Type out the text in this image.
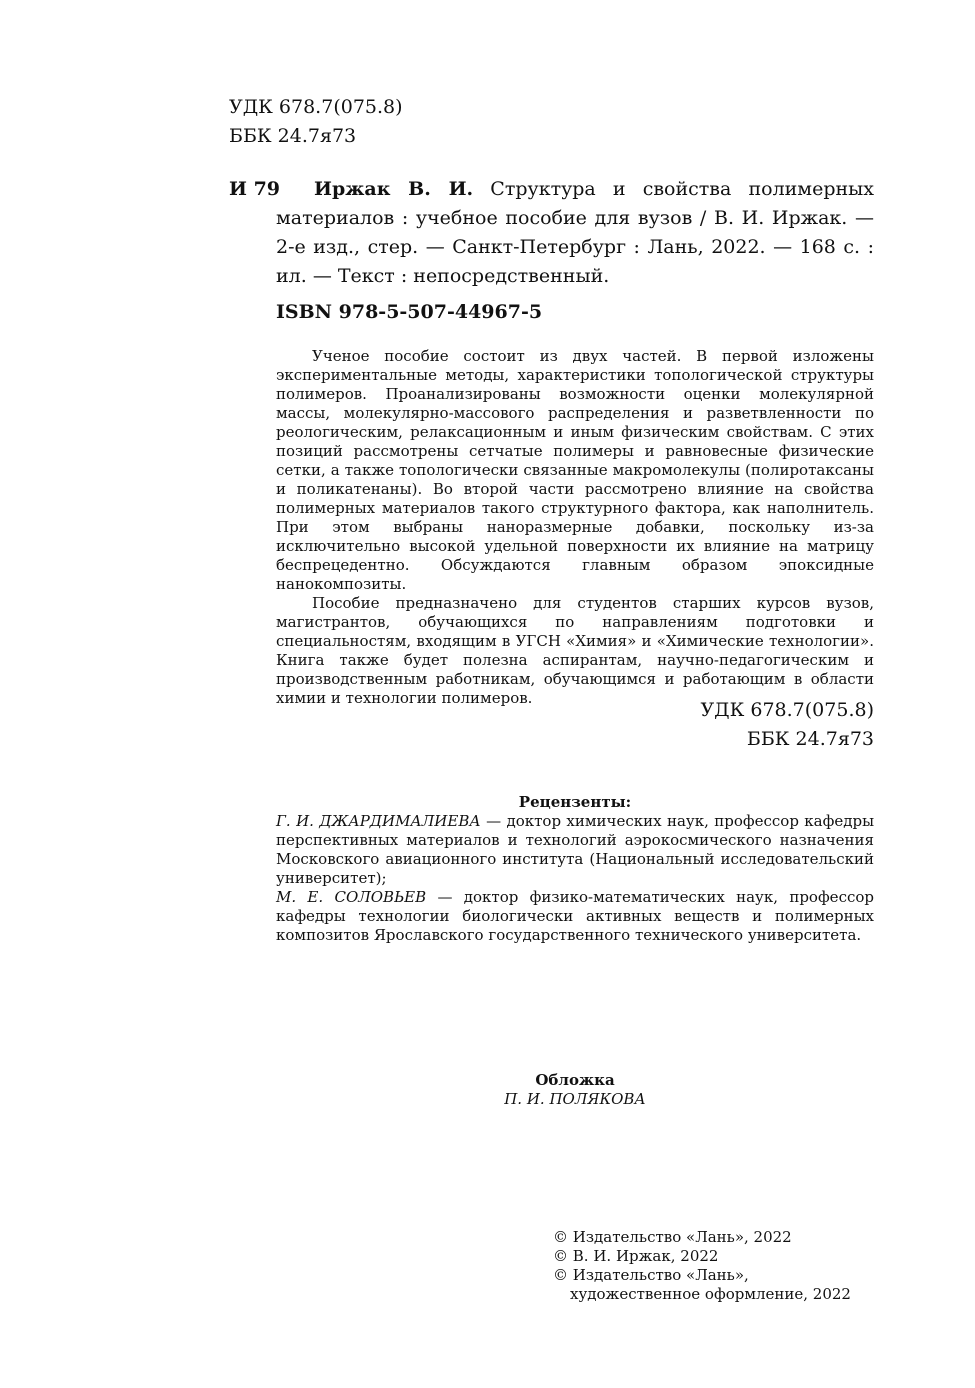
УДК 678.7(075.8)
ББК 24.7я73
И 79	Иржак В. И. Структура и свойства полимерных материалов : учебное пособие для вузов / В. И. Иржак. — 2-е изд., стер. — Санкт-Петербург : Лань, 2022. — 168 с. : ил. — Текст : непосредственный.
ISBN 978-5-507-44967-5

Ученое пособие состоит из двух частей. В первой изложены экспериментальные методы, характеристики топологической структуры полимеров. Проанализированы возможности оценки молекулярной массы, молекулярно-массового распределения и разветвленности по реологическим, релаксационным и иным физическим свойствам. С этих позиций рассмотрены сетчатые полимеры и равновесные физические сетки, а также топологически связанные макромолекулы (полиротаксаны и поликатенаны). Во второй части рассмотрено влияние на свойства полимерных материалов такого структурного фактора, как наполнитель. При этом выбраны наноразмерные добавки, поскольку из-за исключительно высокой удельной поверхности их влияние на матрицу беспрецедентно. Обсуждаются главным образом эпоксидные нанокомпозиты.

Пособие предназначено для студентов старших курсов вузов, магистрантов, обучающихся по направлениям подготовки и специальностям, входящим в УГСН «Химия» и «Химические технологии». Книга также будет полезна аспирантам, научно-педагогическим и производственным работникам, обучающимся и работающим в области химии и технологии полимеров.

УДК 678.7(075.8)
ББК 24.7я73
Рецензенты:

Г. И. ДЖАРДИМАЛИЕВА — доктор химических наук, профессор кафедры перспективных материалов и технологий аэрокосмического назначения Московского авиационного института (Национальный исследовательский университет);

М. Е. СОЛОВЬЕВ — доктор физико-математических наук, профессор кафедры технологии биологически активных веществ и полимерных композитов Ярославского государственного технического университета.

Обложка
П. И. ПОЛЯКОВА
© Издательство «Лань», 2022
© В. И. Иржак, 2022
© Издательство «Лань»,
художественное оформление, 2022
